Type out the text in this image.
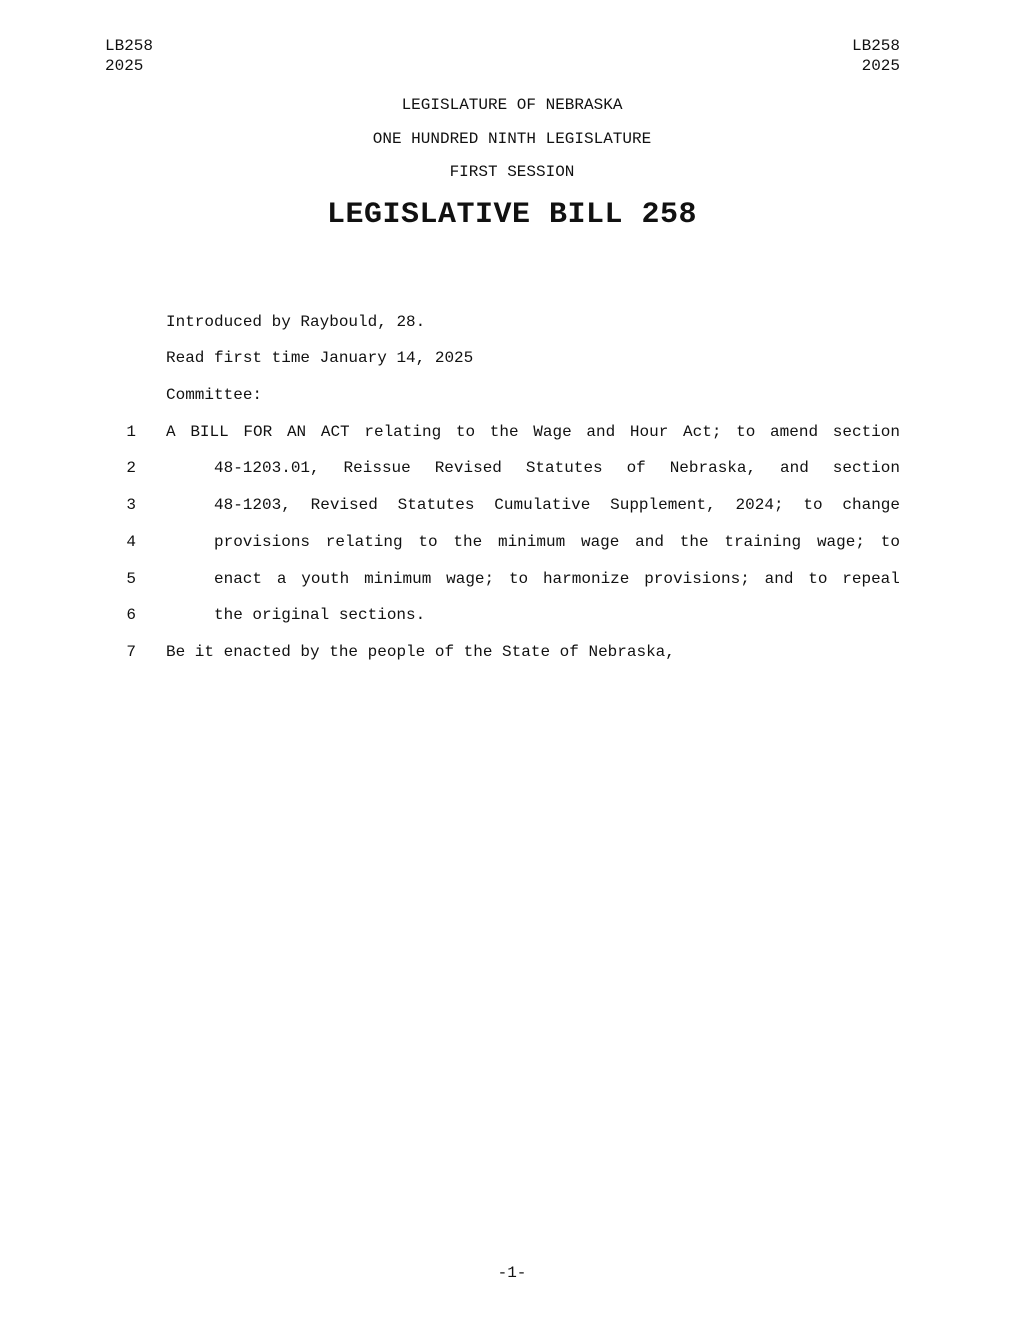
LB258
2025
LB258
2025
LEGISLATURE OF NEBRASKA
ONE HUNDRED NINTH LEGISLATURE
FIRST SESSION
LEGISLATIVE BILL 258
Introduced by Raybould, 28.
Read first time January 14, 2025
Committee:
1 A BILL FOR AN ACT relating to the Wage and Hour Act; to amend section
2	48-1203.01, Reissue Revised Statutes of Nebraska, and section
3	48-1203, Revised Statutes Cumulative Supplement, 2024; to change
4	provisions relating to the minimum wage and the training wage; to
5	enact a youth minimum wage; to harmonize provisions; and to repeal
6	the original sections.
7 Be it enacted by the people of the State of Nebraska,
-1-
